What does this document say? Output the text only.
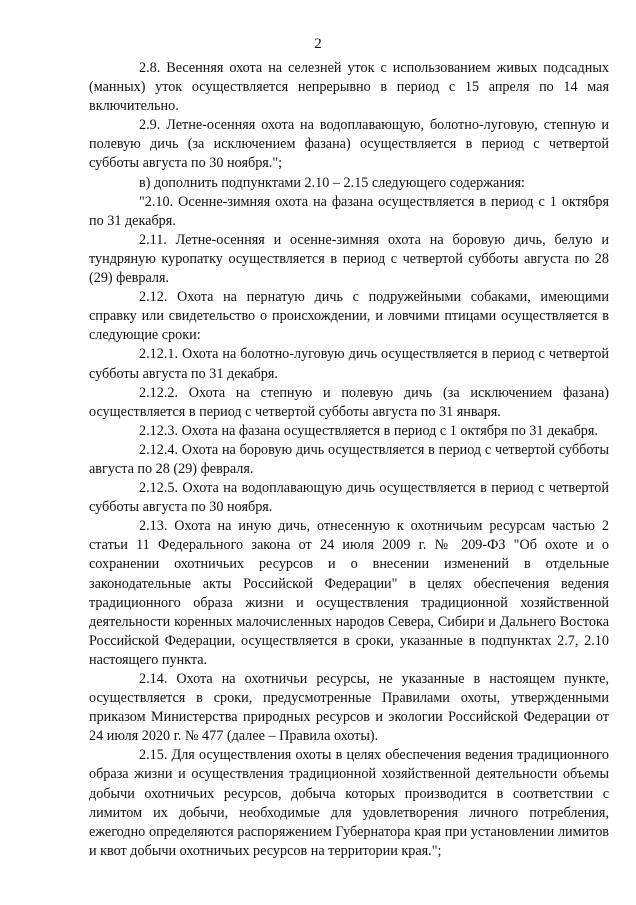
2

2.8. Весенняя охота на селезней уток с использованием живых подсадных (манных) уток осуществляется непрерывно в период с 15 апреля по 14 мая включительно.

2.9. Летне-осенняя охота на водоплавающую, болотно-луговую, степную и полевую дичь (за исключением фазана) осуществляется в период с четвертой субботы августа по 30 ноября.";

в) дополнить подпунктами 2.10 – 2.15 следующего содержания:

"2.10. Осенне-зимняя охота на фазана осуществляется в период с 1 октября по 31 декабря.

2.11. Летне-осенняя и осенне-зимняя охота на боровую дичь, белую и тундряную куропатку осуществляется в период с четвертой субботы августа по 28 (29) февраля.

2.12. Охота на пернатую дичь с подружейными собаками, имеющими справку или свидетельство о происхождении, и ловчими птицами осуществляется в следующие сроки:

2.12.1. Охота на болотно-луговую дичь осуществляется в период с четвертой субботы августа по 31 декабря.

2.12.2. Охота на степную и полевую дичь (за исключением фазана) осуществляется в период с четвертой субботы августа по 31 января.

2.12.3. Охота на фазана осуществляется в период с 1 октября по 31 декабря.

2.12.4. Охота на боровую дичь осуществляется в период с четвертой субботы августа по 28 (29) февраля.

2.12.5. Охота на водоплавающую дичь осуществляется в период с четвертой субботы августа по 30 ноября.

2.13. Охота на иную дичь, отнесенную к охотничьим ресурсам частью 2 статьи 11 Федерального закона от 24 июля 2009 г. № 209-ФЗ "Об охоте и о сохранении охотничьих ресурсов и о внесении изменений в отдельные законодательные акты Российской Федерации" в целях обеспечения ведения традиционного образа жизни и осуществления традиционной хозяйственной деятельности коренных малочисленных народов Севера, Сибири и Дальнего Востока Российской Федерации, осуществляется в сроки, указанные в подпунктах 2.7, 2.10 настоящего пункта.

2.14. Охота на охотничьи ресурсы, не указанные в настоящем пункте, осуществляется в сроки, предусмотренные Правилами охоты, утвержденными приказом Министерства природных ресурсов и экологии Российской Федерации от 24 июля 2020 г. № 477 (далее – Правила охоты).

2.15. Для осуществления охоты в целях обеспечения ведения традиционного образа жизни и осуществления традиционной хозяйственной деятельности объемы добычи охотничьих ресурсов, добыча которых производится в соответствии с лимитом их добычи, необходимые для удовлетворения личного потребления, ежегодно определяются распоряжением Губернатора края при установлении лимитов и квот добычи охотничьих ресурсов на территории края.";
